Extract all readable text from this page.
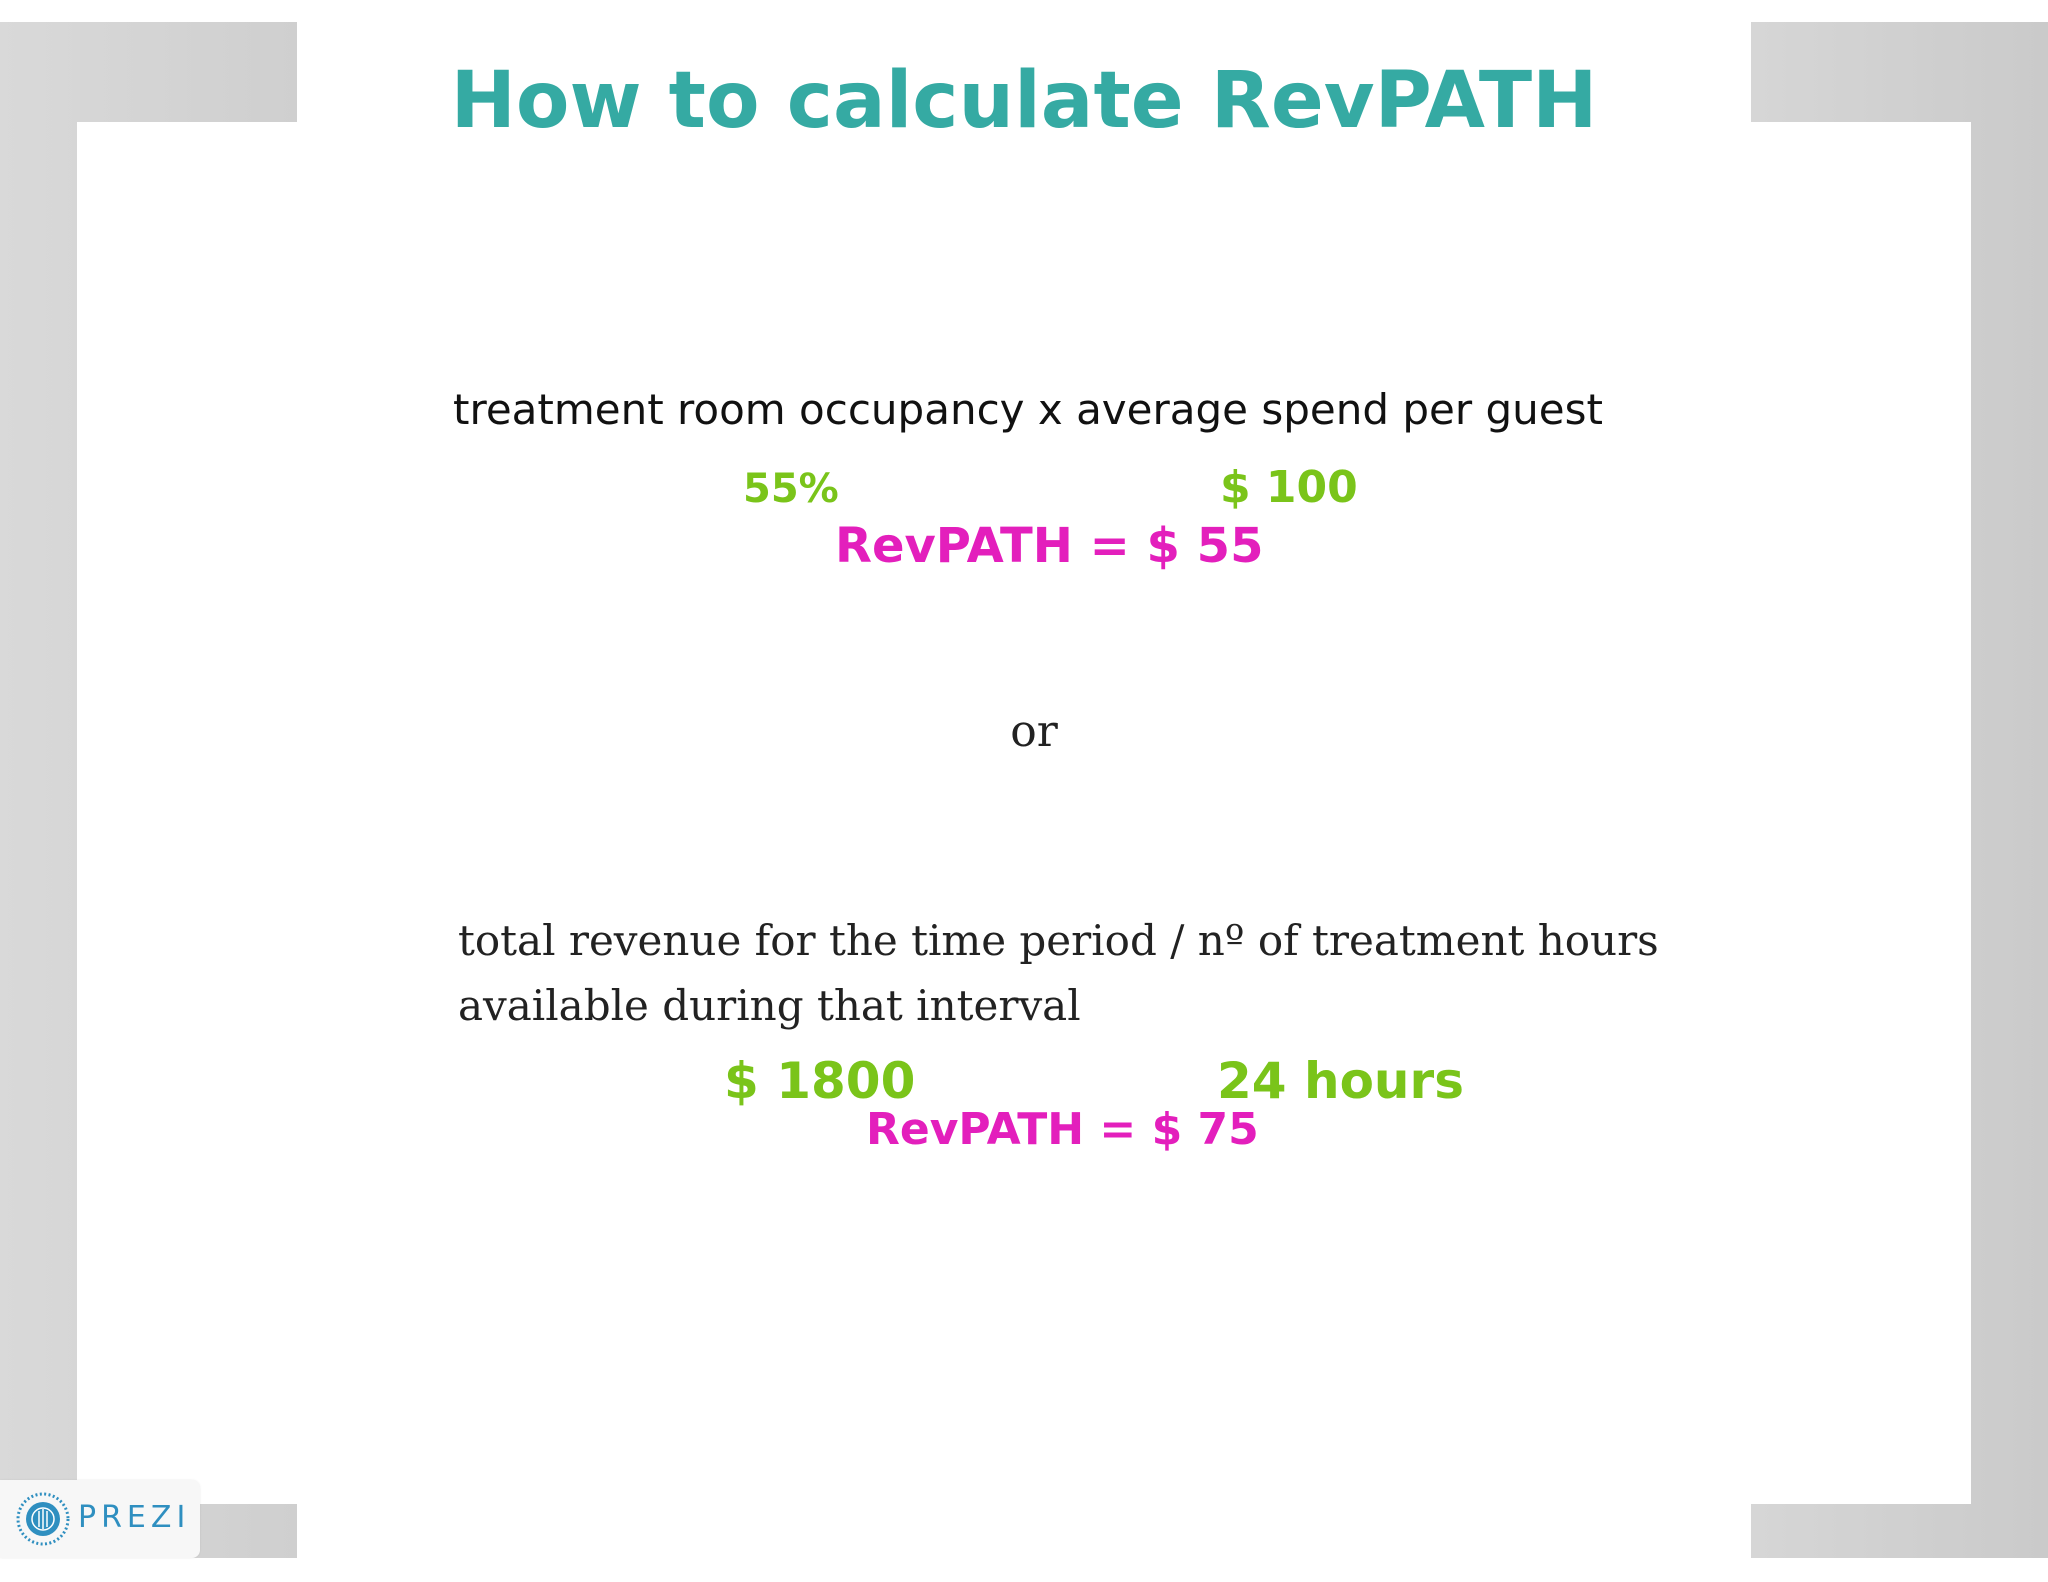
How to calculate RevPATH

treatment room occupancy x average spend per guest

55%	$ 100

RevPATH = $ 55

or

total revenue for the time period / nº of treatment hours

available during that interval

$ 1800	24 hours

RevPATH = $ 75

PREZI
